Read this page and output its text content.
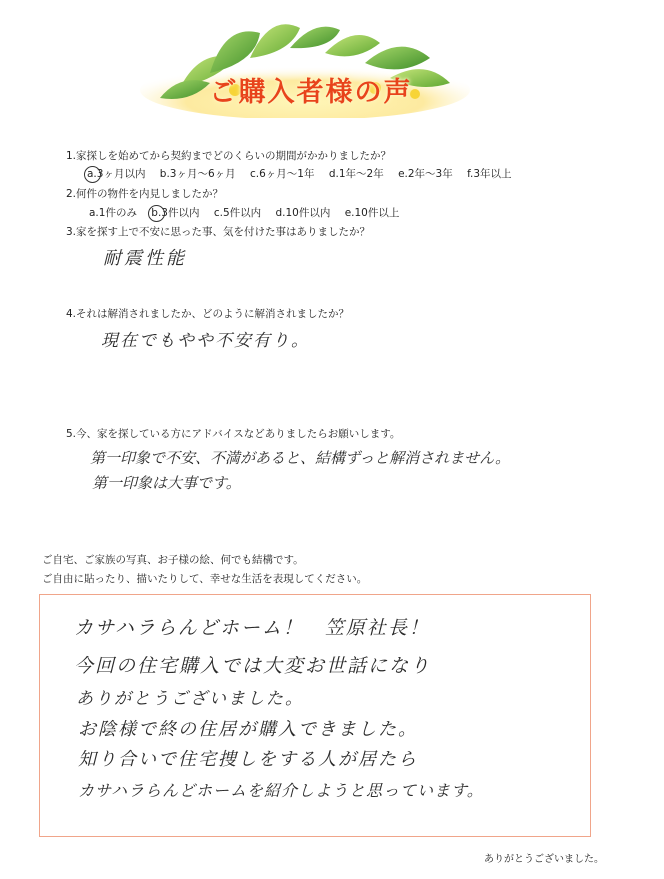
ご購入者様の声
1.家探しを始めてから契約までどのくらいの期間がかかりましたか？
a.3ヶ月以内 b.3ヶ月～6ヶ月 c.6ヶ月～1年 d.1年～2年 e.2年～3年 f.3年以上
2.何件の物件を内見しましたか？
a.1件のみ b.3件以内 c.5件以内 d.10件以内 e.10件以上
3.家を探す上で不安に思った事、気を付けた事はありましたか？
耐震性能
4.それは解消されましたか、どのように解消されましたか？
現在でもやや不安有り。
5.今、家を探している方にアドバイスなどありましたらお願いします。
第一印象で不安、不満があると、結構ずっと解消されません。
第一印象は大事です。
ご自宅、ご家族の写真、お子様の絵、何でも結構です。
ご自由に貼ったり、描いたりして、幸せな生活を表現してください。
カサハラらんどホーム！　笠原社長！
今回の住宅購入では大変お世話になり
ありがとうございました。
お陰様で終の住居が購入できました。
知り合いで住宅捜しをする人が居たら
カサハラらんどホームを紹介しようと思っています。
ありがとうございました。
